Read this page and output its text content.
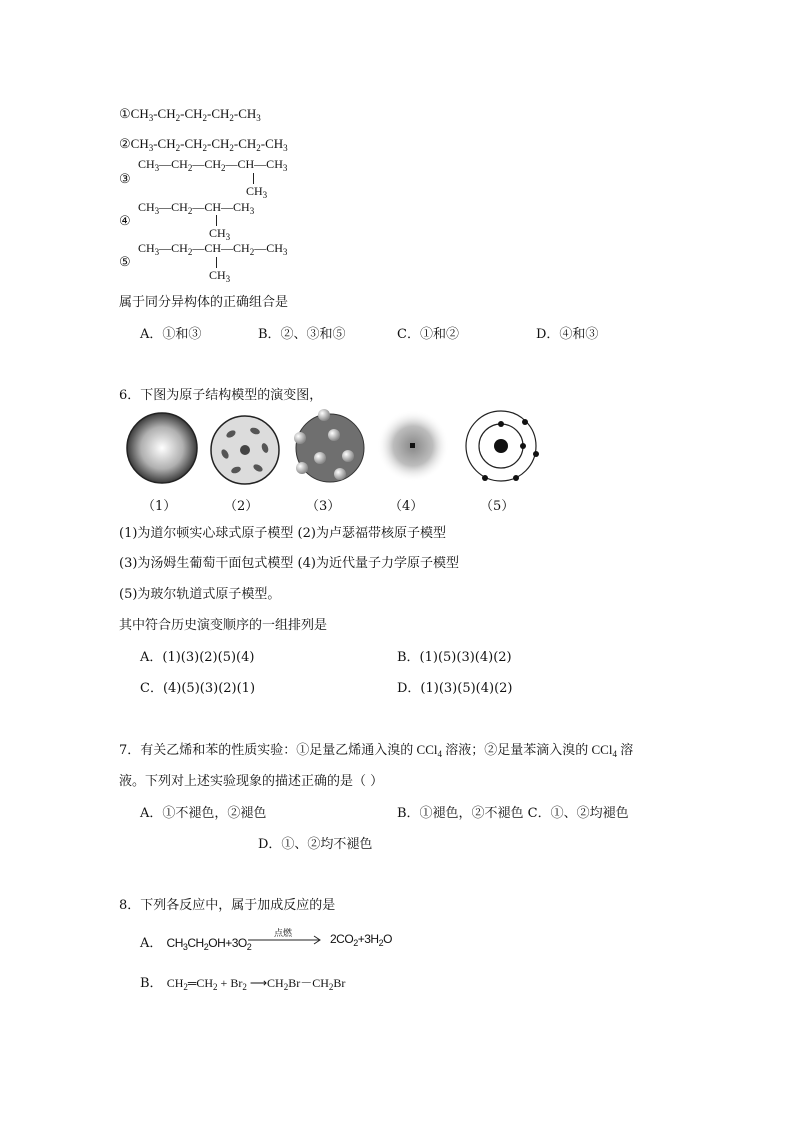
$①CH_3-CH_2-CH_2-CH_2-CH_3$
$②CH_3-CH_2-CH_2-CH_2-CH_2-CH_3$
③
$CH_3—CH_2—CH_2—CH—CH_3$
$CH_3$
④
$CH_3—CH_2—CH—CH_3$
$CH_3$
⑤
$CH_3—CH_2—CH—CH_2—CH_3$
$CH_3$
属于同分异构体的正确组合是
A．①和③	B．②、③和⑤	C．①和②	D．④和③
6．下图为原子结构模型的演变图，
（1）	（2）	（3）	（4）	（5）
(1)为道尔顿实心球式原子模型 (2)为卢瑟福带核原子模型
(3)为汤姆生葡萄干面包式模型 (4)为近代量子力学原子模型
(5)为玻尔轨道式原子模型。
其中符合历史演变顺序的一组排列是
A．(1)(3)(2)(5)(4)	B．(1)(5)(3)(4)(2)
C．(4)(5)(3)(2)(1)	D．(1)(3)(5)(4)(2)
7．有关乙烯和苯的性质实验：①足量乙烯通入溴的 CCl$_4$ 溶液；②足量苯滴入溴的 CCl$_4$ 溶
液。下列对上述实验现象的描述正确的是（ ）
A．①不褪色，②褪色	B．①褪色，②不褪色 C．①、②均褪色
D．①、②均不褪色
8．下列各反应中，属于加成反应的是
A． $CH_3CH_2OH+3O_2$
点燃	$2CO_2+3H_2O$
B． $CH_2═CH_2 + Br_2$ $⟶CH_2Br-CH_2Br$
